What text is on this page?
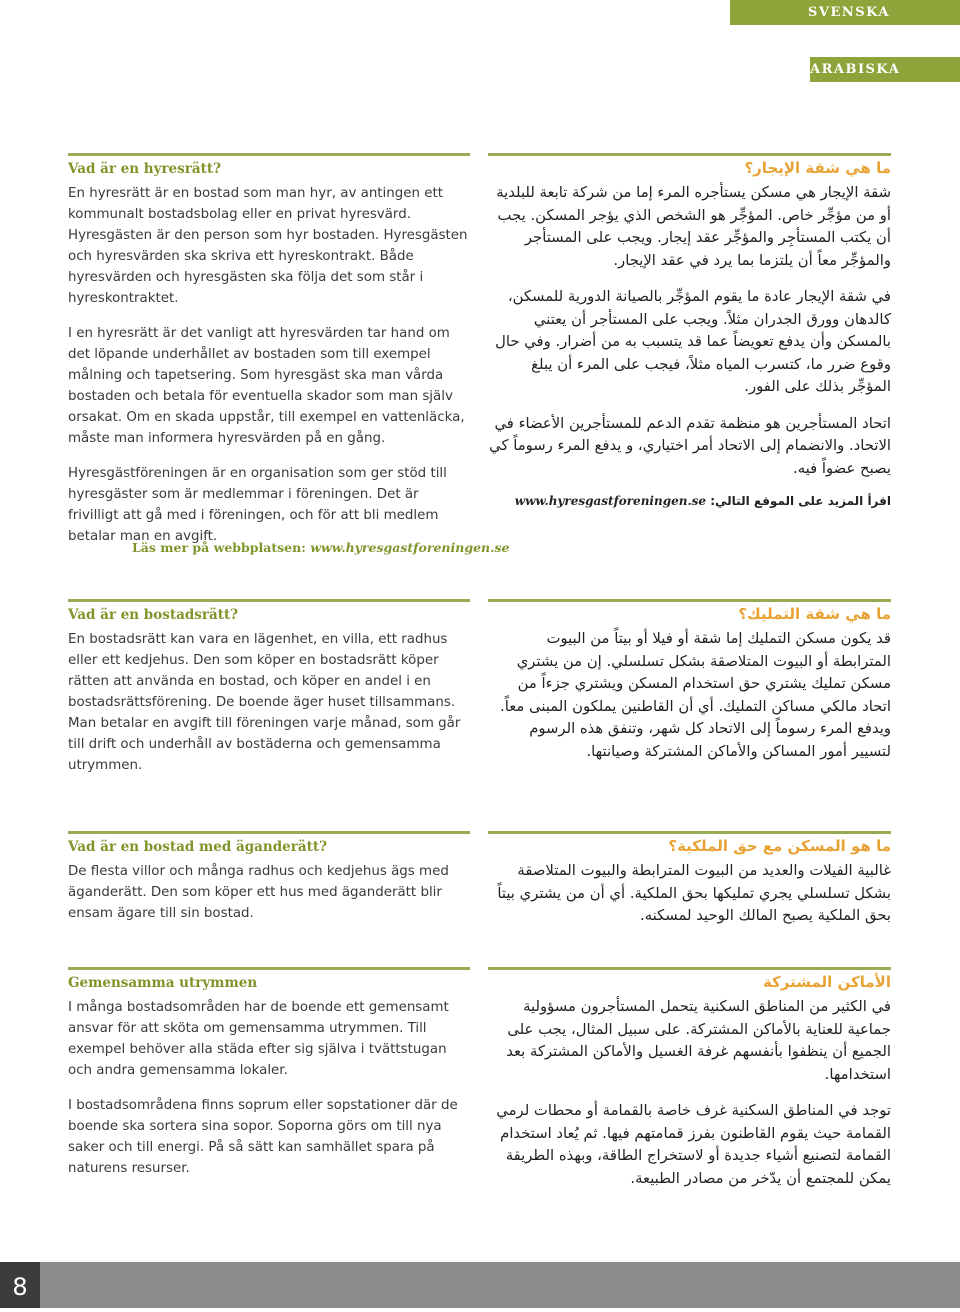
SVENSKA
ARABISKA
Vad är en hyresrätt?

En hyresrätt är en bostad som man hyr, av antingen ett kommunalt bostadsbolag eller en privat hyresvärd. Hyresgästen är den person som hyr bostaden. Hyresgästen och hyresvärden ska skriva ett hyreskontrakt. Både hyresvärden och hyresgästen ska följa det som står i hyreskontraktet.

I en hyresrätt är det vanligt att hyresvärden tar hand om det löpande underhållet av bostaden som till exempel målning och tapetsering. Som hyresgäst ska man vårda bostaden och betala för eventuella skador som man själv orsakat. Om en skada uppstår, till exempel en vattenläcka, måste man informera hyresvärden på en gång.

Hyresgästföreningen är en organisation som ger stöd till hyresgäster som är medlemmar i föreningen. Det är frivilligt att gå med i föreningen, och för att bli medlem betalar man en avgift.

Läs mer på webbplatsen: www.hyresgastforeningen.se
ما هي شقة الإيجار؟

شقة الإيجار هي مسكن يستأجره المرء إما من شركة تابعة للبلدية أو من مؤجِّر خاص. المؤجِّر هو الشخص الذي يؤجر المسكن. يجب أن يكتب المستأجِر والمؤجِّر عقد إيجار. ويجب على المستأجر والمؤجِّر معاً أن يلتزما بما يرد في عقد الإيجار.

في شقة الإيجار عادة ما يقوم المؤجِّر بالصيانة الدورية للمسكن، كالدهان وورق الجدران مثلاً. ويجب على المستأجر أن يعتني بالمسكن وأن يدفع تعويضاً عما قد يتسبب به من أضرار. وفي حال وقوع ضرر ما، كتسرب المياه مثلاً، فيجب على المرء أن يبلغ المؤجِّر بذلك على الفور.

اتحاد المستأجرين هو منظمة تقدم الدعم للمستأجرين الأعضاء في الاتحاد. والانضمام إلى الاتحاد أمر اختياري، و يدفع المرء رسوماً كي يصبح عضواً فيه.

اقرأ المزيد على الموقع التالي: www.hyresgastforeningen.se
Vad är en bostadsrätt?

En bostadsrätt kan vara en lägenhet, en villa, ett radhus eller ett kedjehus. Den som köper en bostadsrätt köper rätten att använda en bostad, och köper en andel i en bostadsrättsförening. De boende äger huset tillsammans. Man betalar en avgift till föreningen varje månad, som går till drift och underhåll av bostäderna och gemensamma utrymmen.

ما هي شقة التمليك؟

قد يكون مسكن التمليك إما شقة أو فيلا أو بيتاً من البيوت المترابطة أو البيوت المتلاصقة بشكل تسلسلي. إن من يشتري مسكن تمليك يشتري حق استخدام المسكن ويشتري جزءاً من اتحاد مالكي مساكن التمليك. أي أن القاطنين يملكون المبنى معاً. ويدفع المرء رسوماً إلى الاتحاد كل شهر، وتنفق هذه الرسوم لتسيير أمور المساكن والأماكن المشتركة وصيانتها.

Vad är en bostad med äganderätt?

De flesta villor och många radhus och kedjehus ägs med äganderätt. Den som köper ett hus med äganderätt blir ensam ägare till sin bostad.

ما هو المسكن مع حق الملكية؟

غالبية الفيلات والعديد من البيوت المترابطة والبيوت المتلاصقة بشكل تسلسلي يجري تمليكها بحق الملكية. أي أن من يشتري بيتاً بحق الملكية يصبح المالك الوحيد لمسكنه.

Gemensamma utrymmen

I många bostadsområden har de boende ett gemensamt ansvar för att sköta om gemensamma utrymmen. Till exempel behöver alla städa efter sig själva i tvättstugan och andra gemensamma lokaler.

I bostadsområdena finns soprum eller sopstationer där de boende ska sortera sina sopor. Soporna görs om till nya saker och till energi. På så sätt kan samhället spara på naturens resurser.

الأماكن المشتركة

في الكثير من المناطق السكنية يتحمل المستأجرون مسؤولية جماعية للعناية بالأماكن المشتركة. على سبيل المثال، يجب على الجميع أن ينظفوا بأنفسهم غرفة الغسيل والأماكن المشتركة بعد استخدامها.

توجد في المناطق السكنية غرف خاصة بالقمامة أو محطات لرمي القمامة حيث يقوم القاطنون بفرز قمامتهم فيها. ثم يُعاد استخدام القمامة لتصنيع أشياء جديدة أو لاستخراج الطاقة، وبهذه الطريقة يمكن للمجتمع أن يدّخر من مصادر الطبيعة.

8
